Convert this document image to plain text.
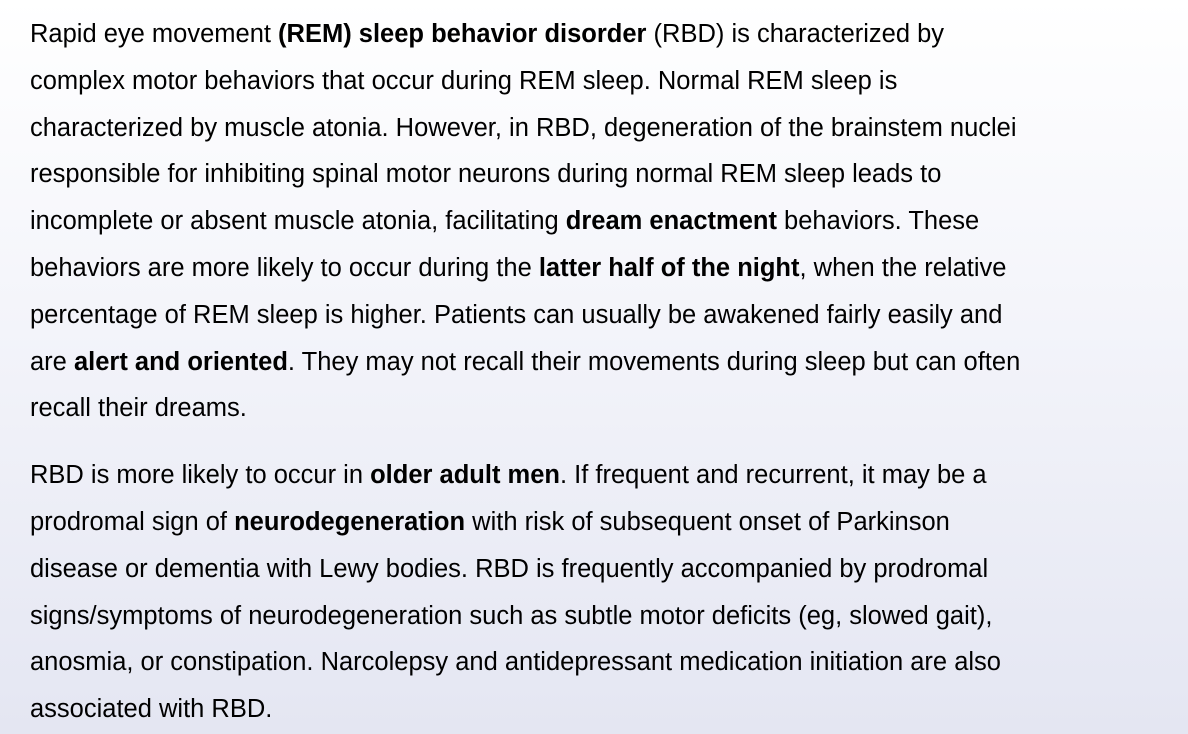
Rapid eye movement (REM) sleep behavior disorder (RBD) is characterized by
complex motor behaviors that occur during REM sleep. Normal REM sleep is
characterized by muscle atonia. However, in RBD, degeneration of the brainstem nuclei
responsible for inhibiting spinal motor neurons during normal REM sleep leads to
incomplete or absent muscle atonia, facilitating dream enactment behaviors. These
behaviors are more likely to occur during the latter half of the night, when the relative
percentage of REM sleep is higher. Patients can usually be awakened fairly easily and
are alert and oriented. They may not recall their movements during sleep but can often
recall their dreams.

RBD is more likely to occur in older adult men. If frequent and recurrent, it may be a
prodromal sign of neurodegeneration with risk of subsequent onset of Parkinson
disease or dementia with Lewy bodies. RBD is frequently accompanied by prodromal
signs/symptoms of neurodegeneration such as subtle motor deficits (eg, slowed gait),
anosmia, or constipation. Narcolepsy and antidepressant medication initiation are also
associated with RBD.
